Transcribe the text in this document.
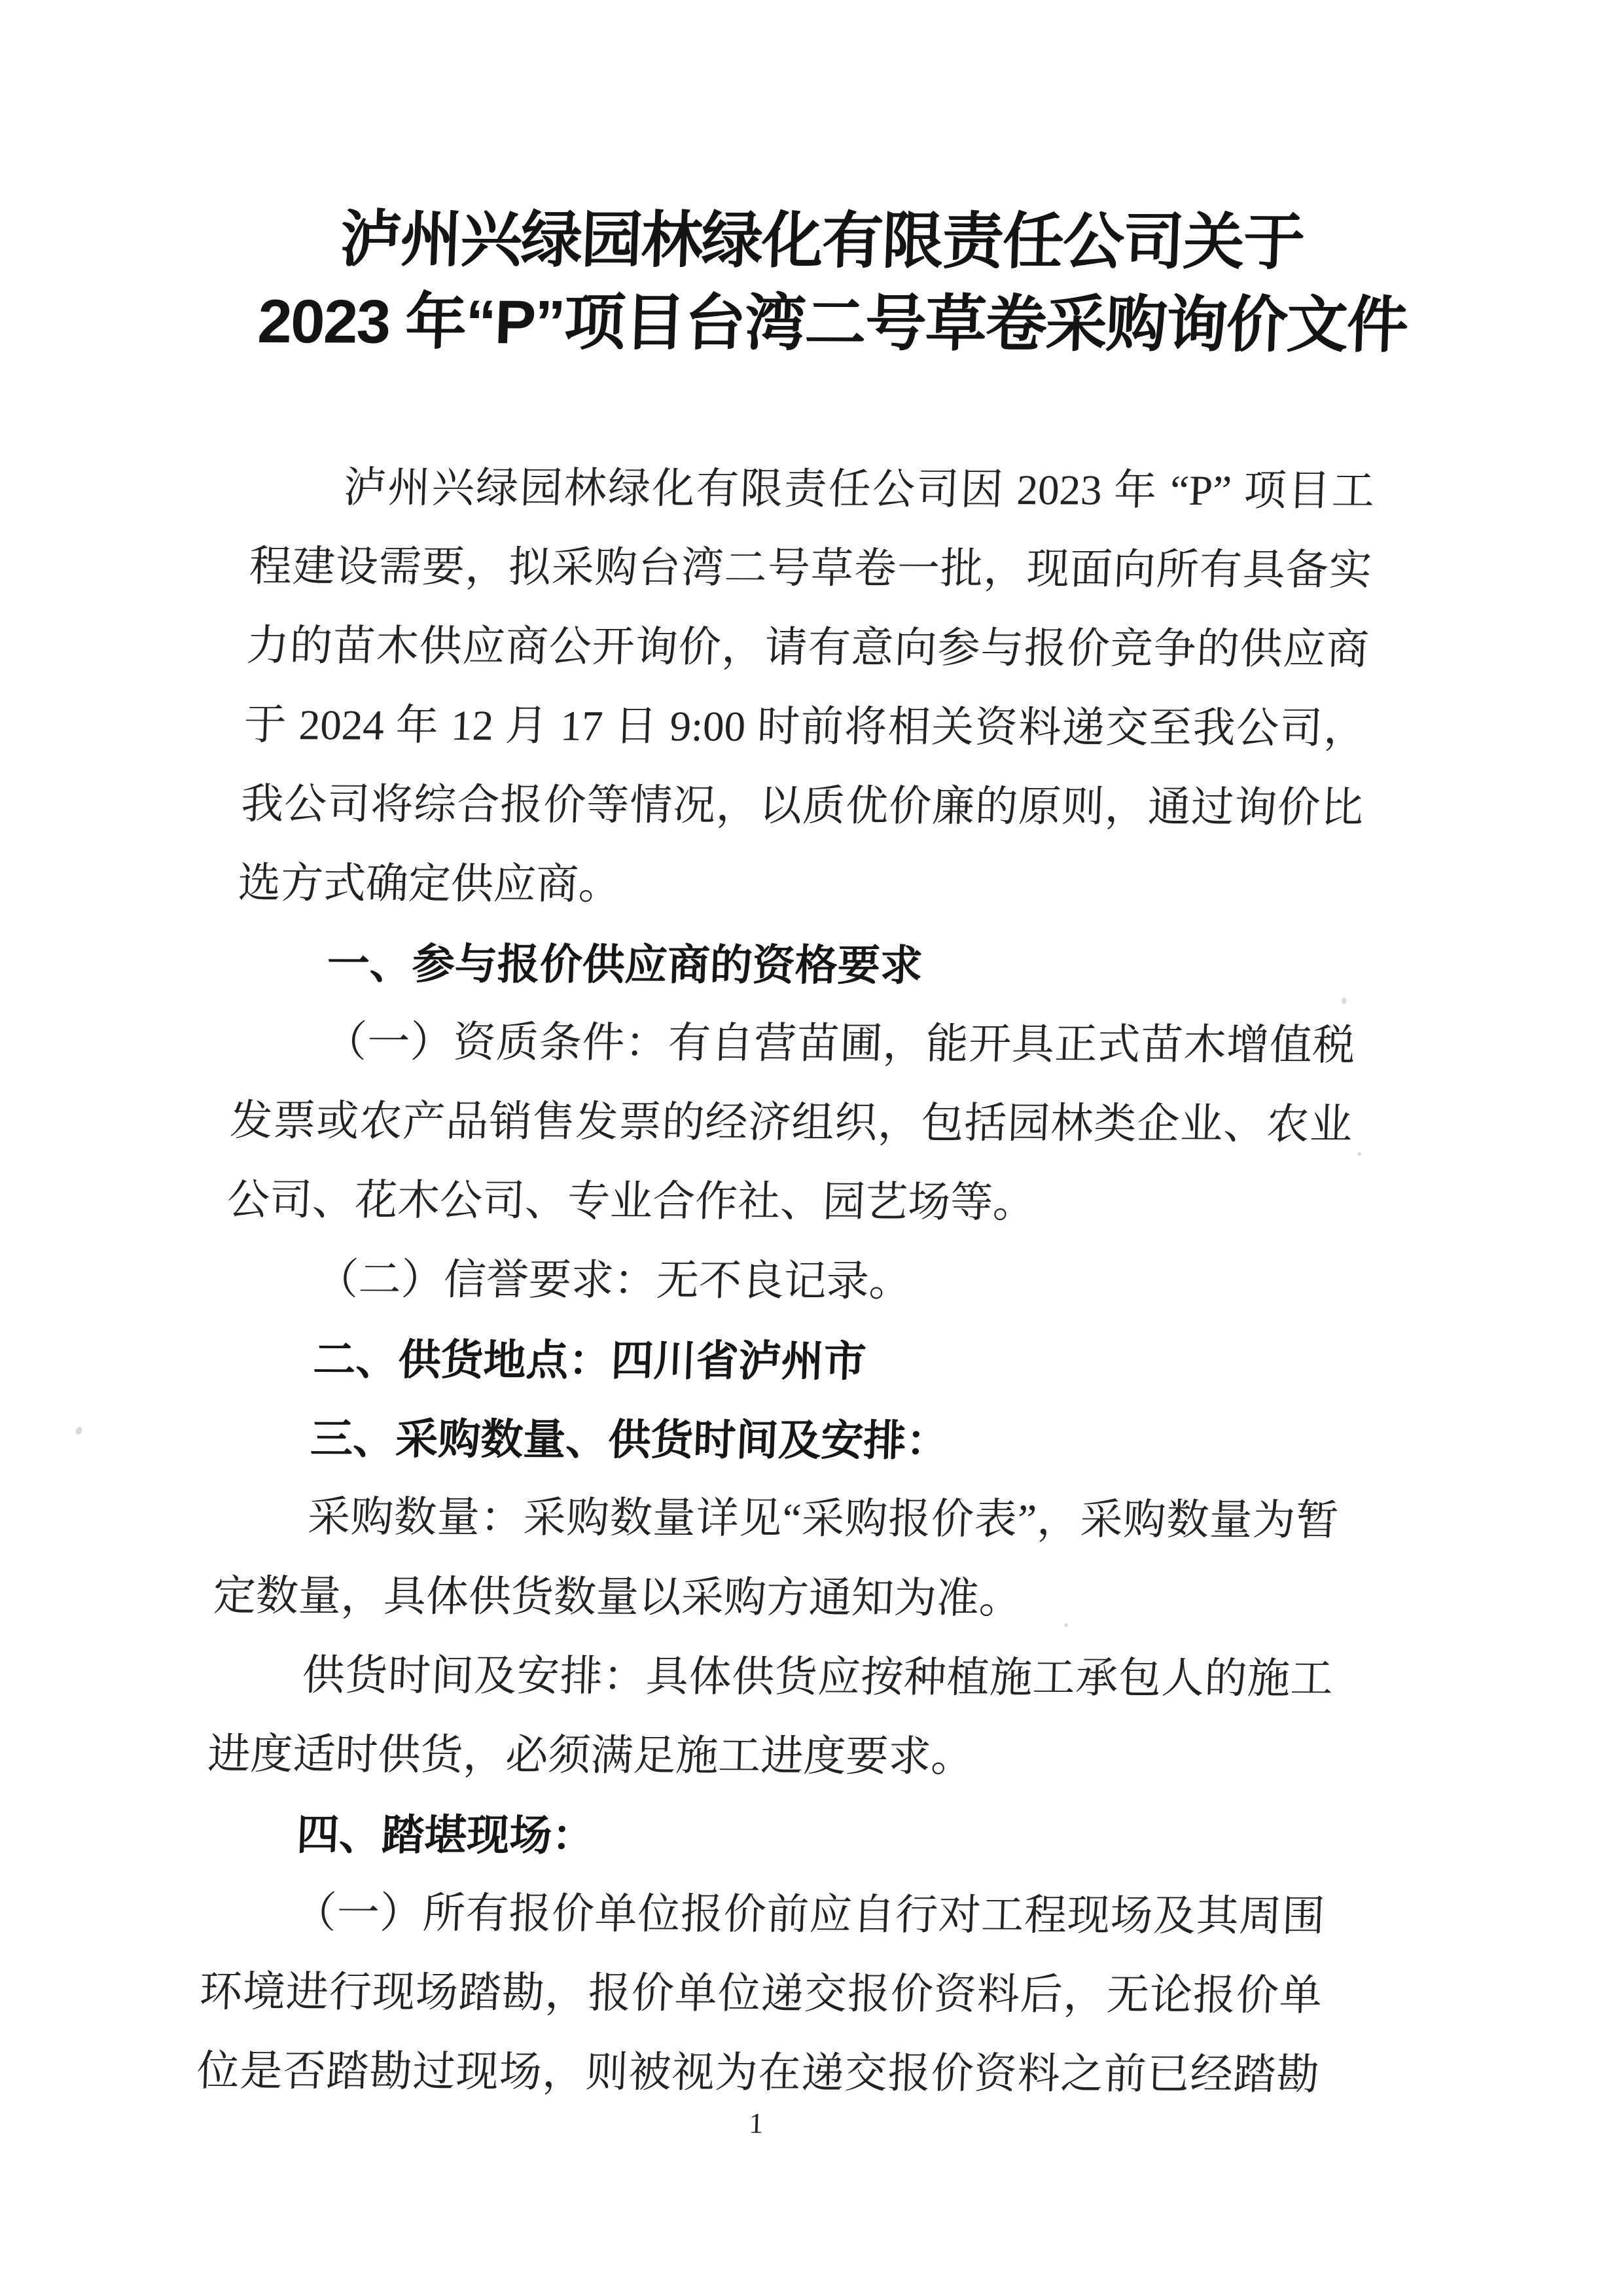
泸州兴绿园林绿化有限责任公司关于
2023 年“P”项目台湾二号草卷采购询价文件
泸州兴绿园林绿化有限责任公司因 2023 年 “P” 项目工
程建设需要，拟采购台湾二号草卷一批，现面向所有具备实
力的苗木供应商公开询价，请有意向参与报价竞争的供应商
于 2024 年 12 月 17 日 9:00 时前将相关资料递交至我公司，
我公司将综合报价等情况，以质优价廉的原则，通过询价比
选方式确定供应商。
一、参与报价供应商的资格要求
（一）资质条件：有自营苗圃，能开具正式苗木增值税
发票或农产品销售发票的经济组织，包括园林类企业、农业
公司、花木公司、专业合作社、园艺场等。
（二）信誉要求：无不良记录。
二、供货地点：四川省泸州市
三、采购数量、供货时间及安排：
采购数量：采购数量详见“采购报价表”，采购数量为暂
定数量，具体供货数量以采购方通知为准。
供货时间及安排：具体供货应按种植施工承包人的施工
进度适时供货，必须满足施工进度要求。
四、踏堪现场：
（一）所有报价单位报价前应自行对工程现场及其周围
环境进行现场踏勘，报价单位递交报价资料后，无论报价单
位是否踏勘过现场，则被视为在递交报价资料之前已经踏勘
1
